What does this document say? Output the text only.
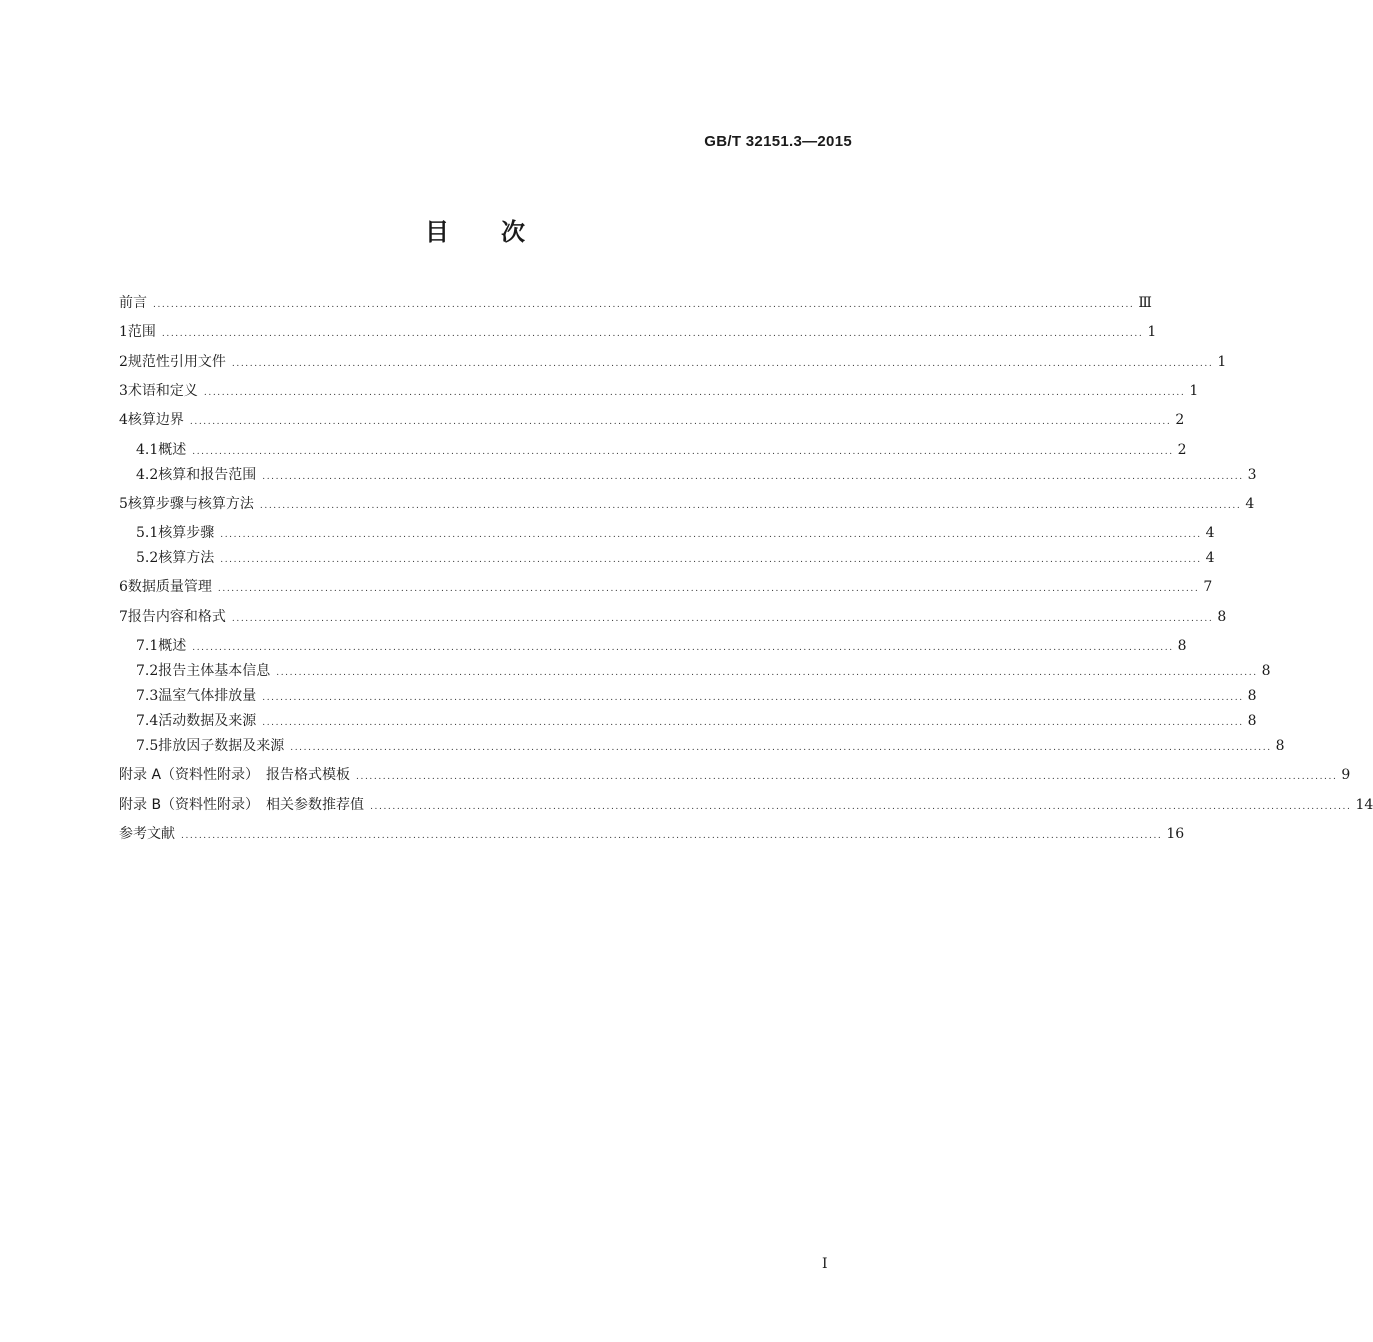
GB/T 32151.3—2015
目 次
前言 ............................................................................................................................................................................................................................ Ⅲ
1 范围 ............................................................................................................................................................................................................................ 1
2 规范性引用文件 ............................................................................................................................................................................................................................ 1
3 术语和定义 ............................................................................................................................................................................................................................ 1
4 核算边界 ............................................................................................................................................................................................................................ 2
4.1 概述 ............................................................................................................................................................................................................................ 2
4.2 核算和报告范围 ............................................................................................................................................................................................................................ 3
5 核算步骤与核算方法 ............................................................................................................................................................................................................................ 4
5.1 核算步骤 ............................................................................................................................................................................................................................ 4
5.2 核算方法 ............................................................................................................................................................................................................................ 4
6 数据质量管理 ............................................................................................................................................................................................................................ 7
7 报告内容和格式 ............................................................................................................................................................................................................................ 8
7.1 概述 ............................................................................................................................................................................................................................ 8
7.2 报告主体基本信息 ............................................................................................................................................................................................................................ 8
7.3 温室气体排放量 ............................................................................................................................................................................................................................ 8
7.4 活动数据及来源 ............................................................................................................................................................................................................................ 8
7.5 排放因子数据及来源 ............................................................................................................................................................................................................................ 8
附录 A（资料性附录）　报告格式模板 ............................................................................................................................................................................................................................ 9
附录 B（资料性附录）　相关参数推荐值 ............................................................................................................................................................................................................................ 14
参考文献 ............................................................................................................................................................................................................................ 16
I
